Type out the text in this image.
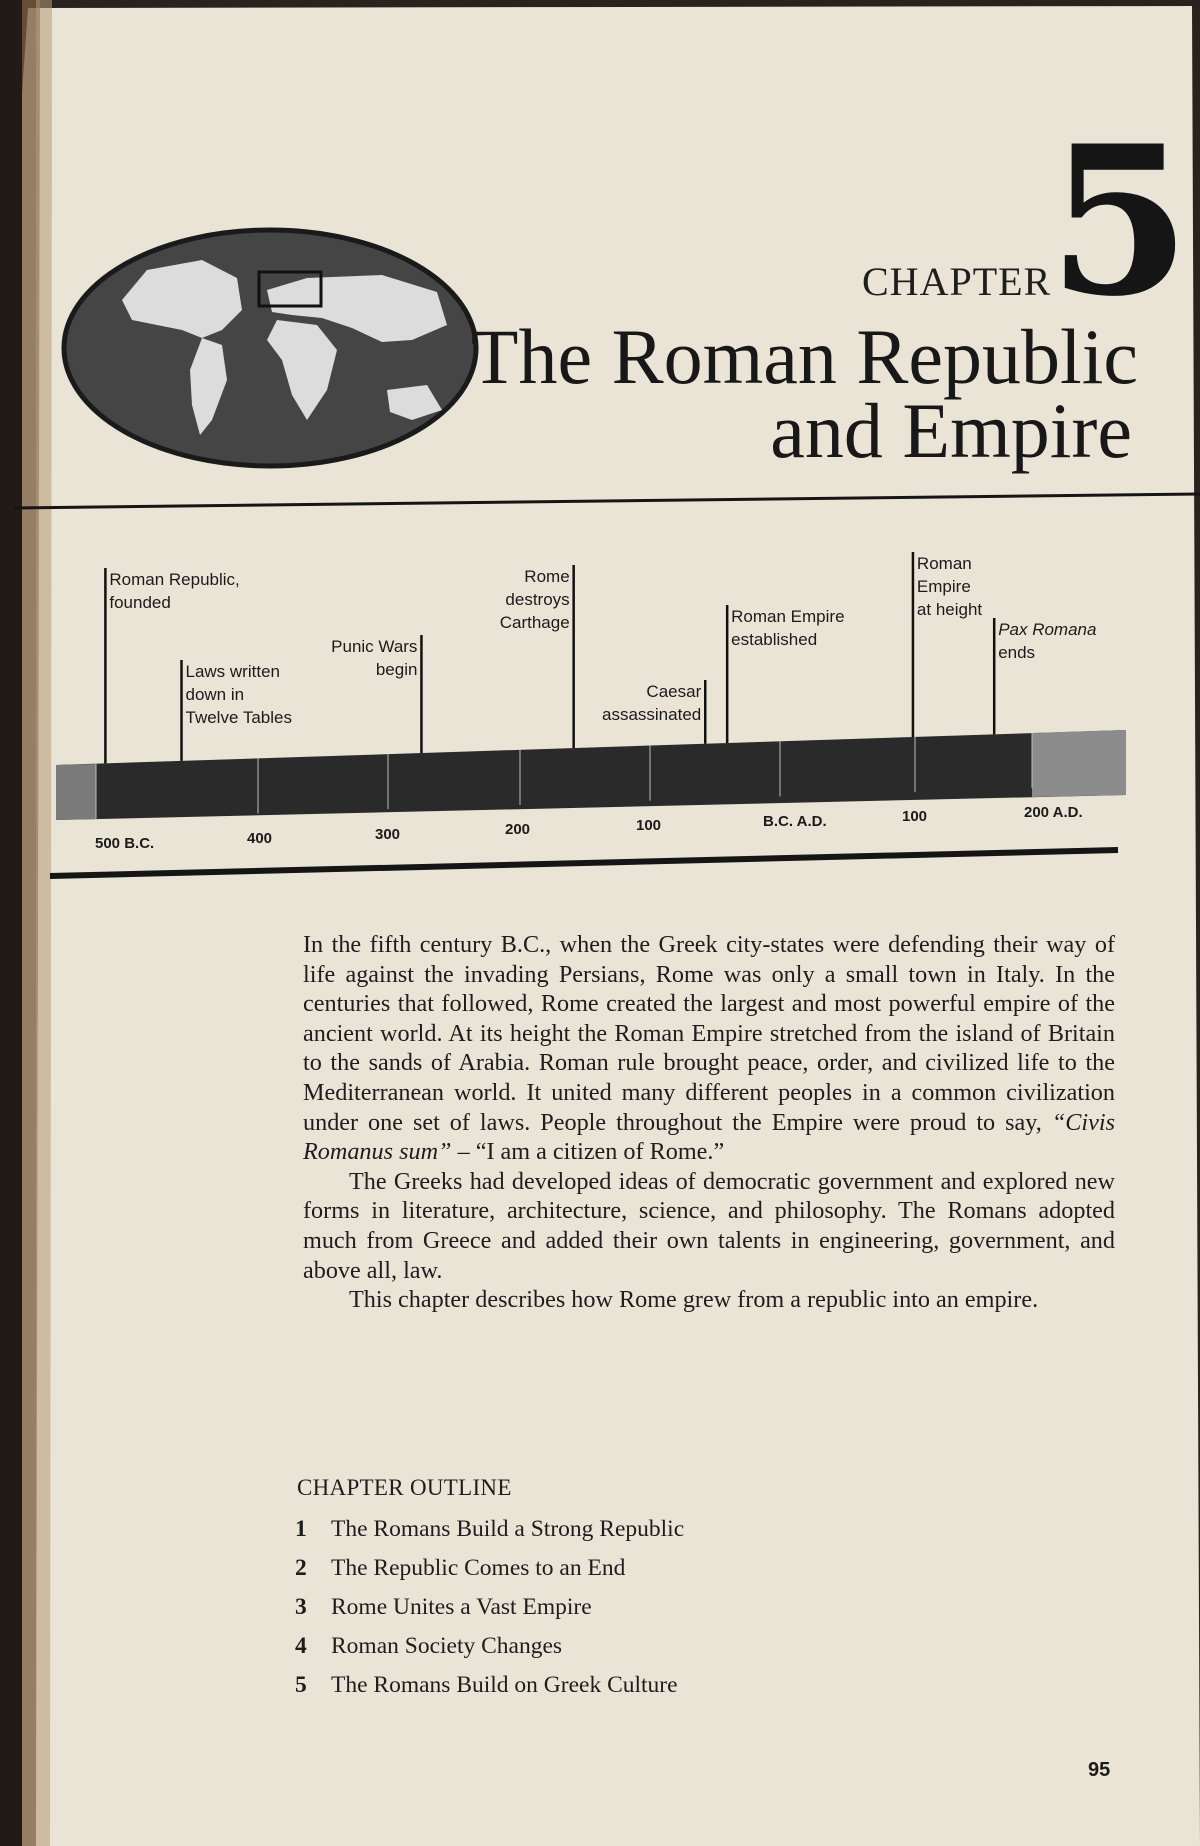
CHAPTER
5
The Roman Republic
and Empire
Roman Republic,
founded
Laws written
down in
Twelve Tables
Punic Wars
begin
Rome
destroys
Carthage
Caesar
assassinated
Roman Empire
established
Roman
Empire
at height
Pax Romana
ends
500 B.C.	400	300	200	100	B.C. A.D.	100	200 A.D.

In the fifth century B.C., when the Greek city-states were defending their way of life against the invading Persians, Rome was only a small town in Italy. In the centuries that followed, Rome created the largest and most powerful empire of the ancient world. At its height the Roman Empire stretched from the island of Britain to the sands of Arabia. Roman rule brought peace, order, and civilized life to the Mediterranean world. It united many different peoples in a common civilization under one set of laws. People throughout the Empire were proud to say, “Civis Romanus sum” – “I am a citizen of Rome.”

The Greeks had developed ideas of democratic government and explored new forms in literature, architecture, science, and philosophy. The Romans adopted much from Greece and added their own talents in engineering, government, and above all, law.

This chapter describes how Rome grew from a republic into an empire.

CHAPTER OUTLINE
1 The Romans Build a Strong Republic
2 The Republic Comes to an End
3 Rome Unites a Vast Empire
4 Roman Society Changes
5 The Romans Build on Greek Culture
95
